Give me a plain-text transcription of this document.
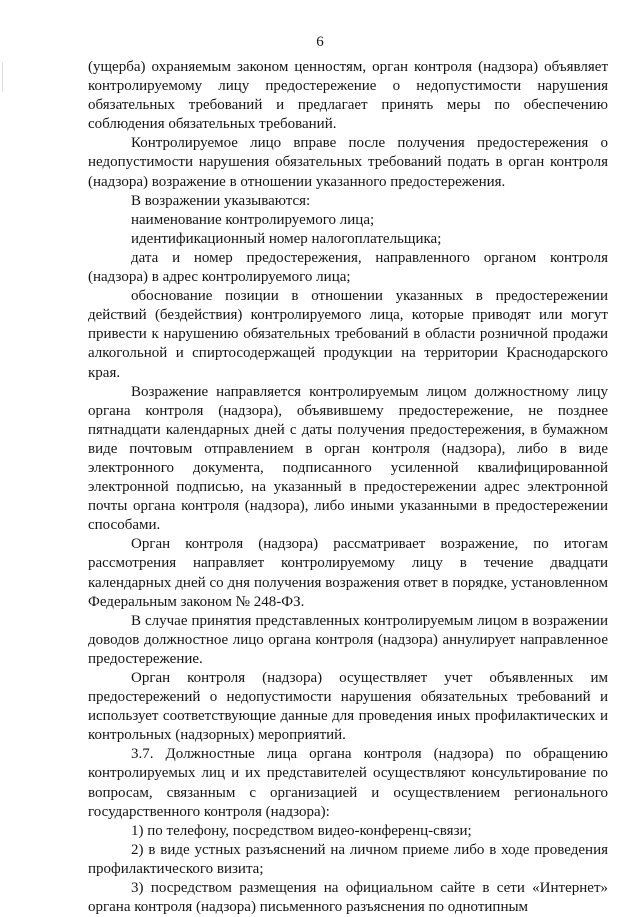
6

(ущерба) охраняемым законом ценностям, орган контроля (надзора) объявляет контролируемому лицу предостережение о недопустимости нарушения обязательных требований и предлагает принять меры по обеспечению соблюдения обязательных требований.

Контролируемое лицо вправе после получения предостережения о недопустимости нарушения обязательных требований подать в орган контроля (надзора) возражение в отношении указанного предостережения.

В возражении указываются:

наименование контролируемого лица;

идентификационный номер налогоплательщика;

дата и номер предостережения, направленного органом контроля (надзора) в адрес контролируемого лица;

обоснование позиции в отношении указанных в предостережении действий (бездействия) контролируемого лица, которые приводят или могут привести к нарушению обязательных требований в области розничной продажи алкогольной и спиртосодержащей продукции на территории Краснодарского края.

Возражение направляется контролируемым лицом должностному лицу органа контроля (надзора), объявившему предостережение, не позднее пятнадцати календарных дней с даты получения предостережения, в бумажном виде почтовым отправлением в орган контроля (надзора), либо в виде электронного документа, подписанного усиленной квалифицированной электронной подписью, на указанный в предостережении адрес электронной почты органа контроля (надзора), либо иными указанными в предостережении способами.

Орган контроля (надзора) рассматривает возражение, по итогам рассмотрения направляет контролируемому лицу в течение двадцати календарных дней со дня получения возражения ответ в порядке, установленном Федеральным законом № 248-ФЗ.

В случае принятия представленных контролируемым лицом в возражении доводов должностное лицо органа контроля (надзора) аннулирует направленное предостережение.

Орган контроля (надзора) осуществляет учет объявленных им предостережений о недопустимости нарушения обязательных требований и использует соответствующие данные для проведения иных профилактических и контрольных (надзорных) мероприятий.

3.7. Должностные лица органа контроля (надзора) по обращению контролируемых лиц и их представителей осуществляют консультирование по вопросам, связанным с организацией и осуществлением регионального государственного контроля (надзора):

1) по телефону, посредством видео-конференц-связи;

2) в виде устных разъяснений на личном приеме либо в ходе проведения профилактического визита;

3) посредством размещения на официальном сайте в сети «Интернет» органа контроля (надзора) письменного разъяснения по однотипным
